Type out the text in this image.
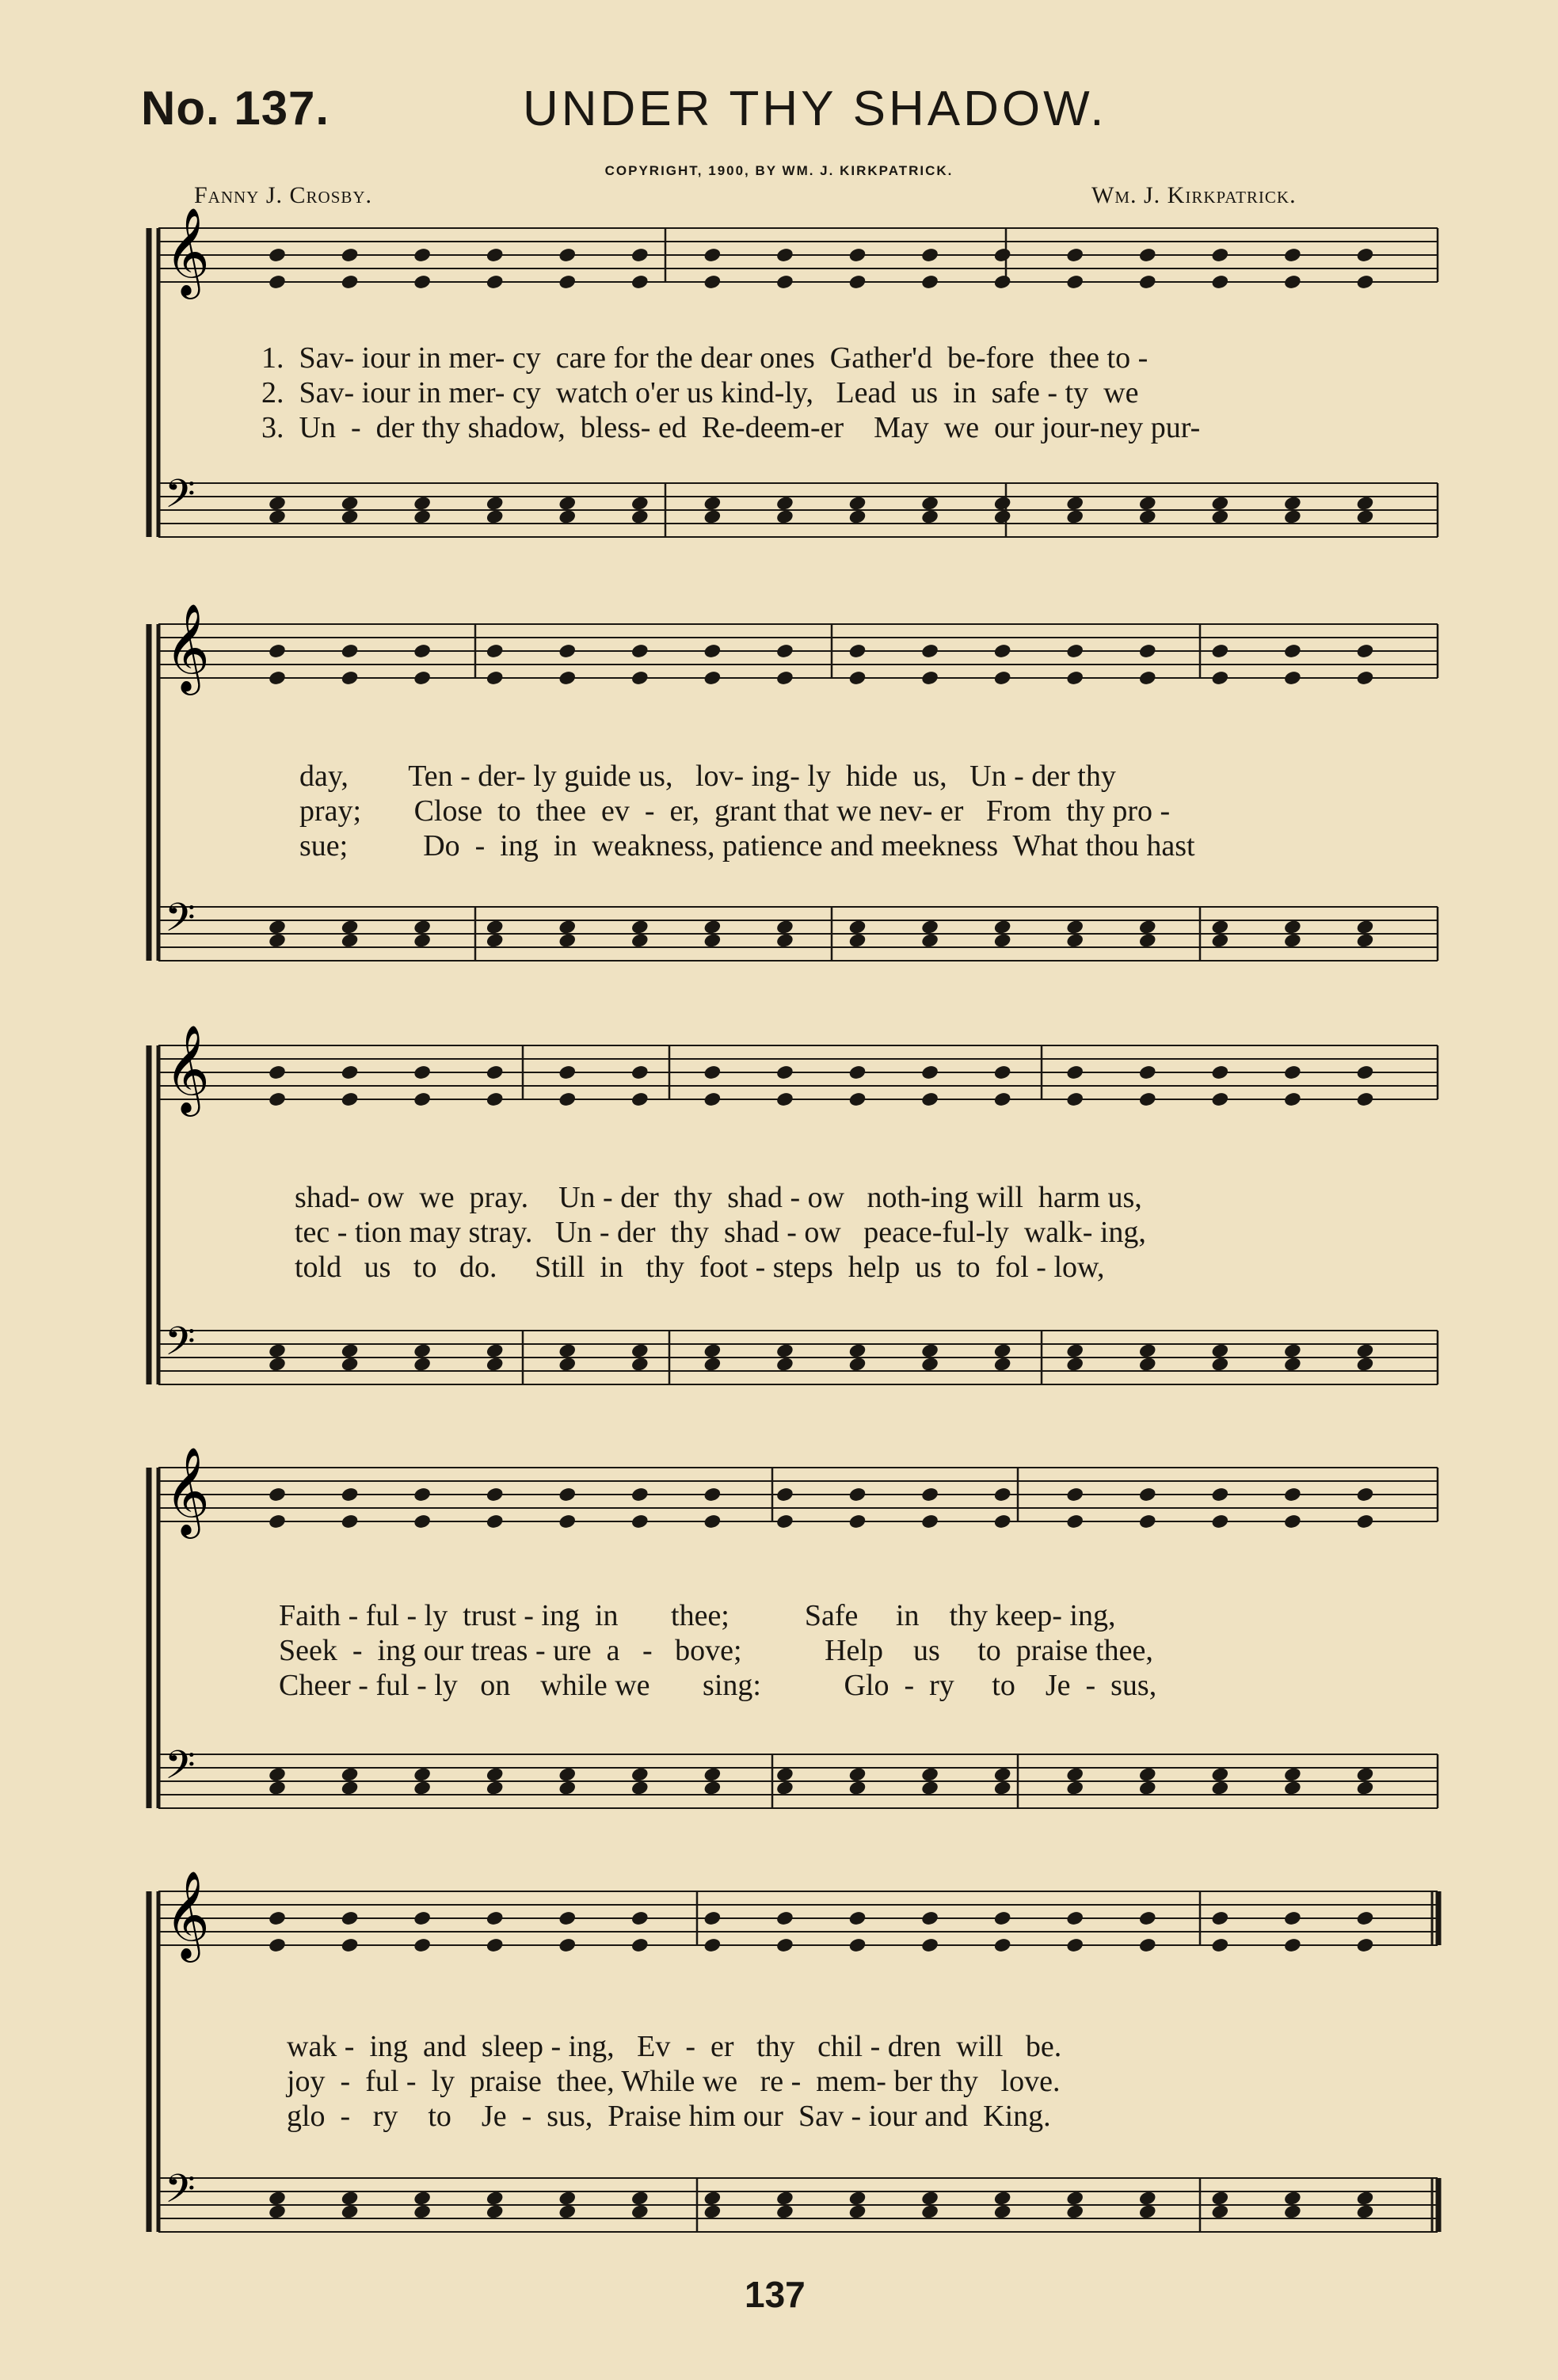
No. 137.	UNDER THY SHADOW.
COPYRIGHT, 1900, BY WM. J. KIRKPATRICK.
Fanny J. Crosby.	Wm. J. Kirkpatrick.
𝄞
𝄢
𝄞
𝄢
𝄞
𝄢
𝄞
𝄢
𝄞
𝄢
1.  Sav- iour in mer- cy  care for the dear ones  Gather'd  be-fore  thee to -
2.  Sav- iour in mer- cy  watch o'er us kind-ly,   Lead  us  in  safe - ty  we
3.  Un  -  der thy shadow,  bless- ed  Re-deem-er    May  we  our jour-ney pur-
day,        Ten - der- ly guide us,   lov- ing- ly  hide  us,   Un - der thy
pray;       Close  to  thee  ev  -  er,  grant that we nev- er   From  thy pro -
sue;          Do  -  ing  in  weakness, patience and meekness  What thou hast
shad- ow  we  pray.    Un - der  thy  shad - ow   noth-ing will  harm us,
tec - tion may stray.   Un - der  thy  shad - ow   peace-ful-ly  walk- ing,
told   us   to   do.     Still  in   thy  foot - steps  help  us  to  fol - low,
Faith - ful - ly  trust - ing  in       thee;          Safe     in    thy keep- ing,
Seek  -  ing our treas - ure  a   -   bove;           Help    us     to  praise thee,
Cheer - ful - ly   on    while we       sing:           Glo  -  ry     to    Je  -  sus,
wak -  ing  and  sleep - ing,   Ev  -  er   thy   chil - dren  will   be.
joy  -  ful -  ly  praise  thee, While we   re -  mem- ber thy   love.
glo  -   ry    to    Je  -  sus,  Praise him our  Sav - iour and  King.
137
